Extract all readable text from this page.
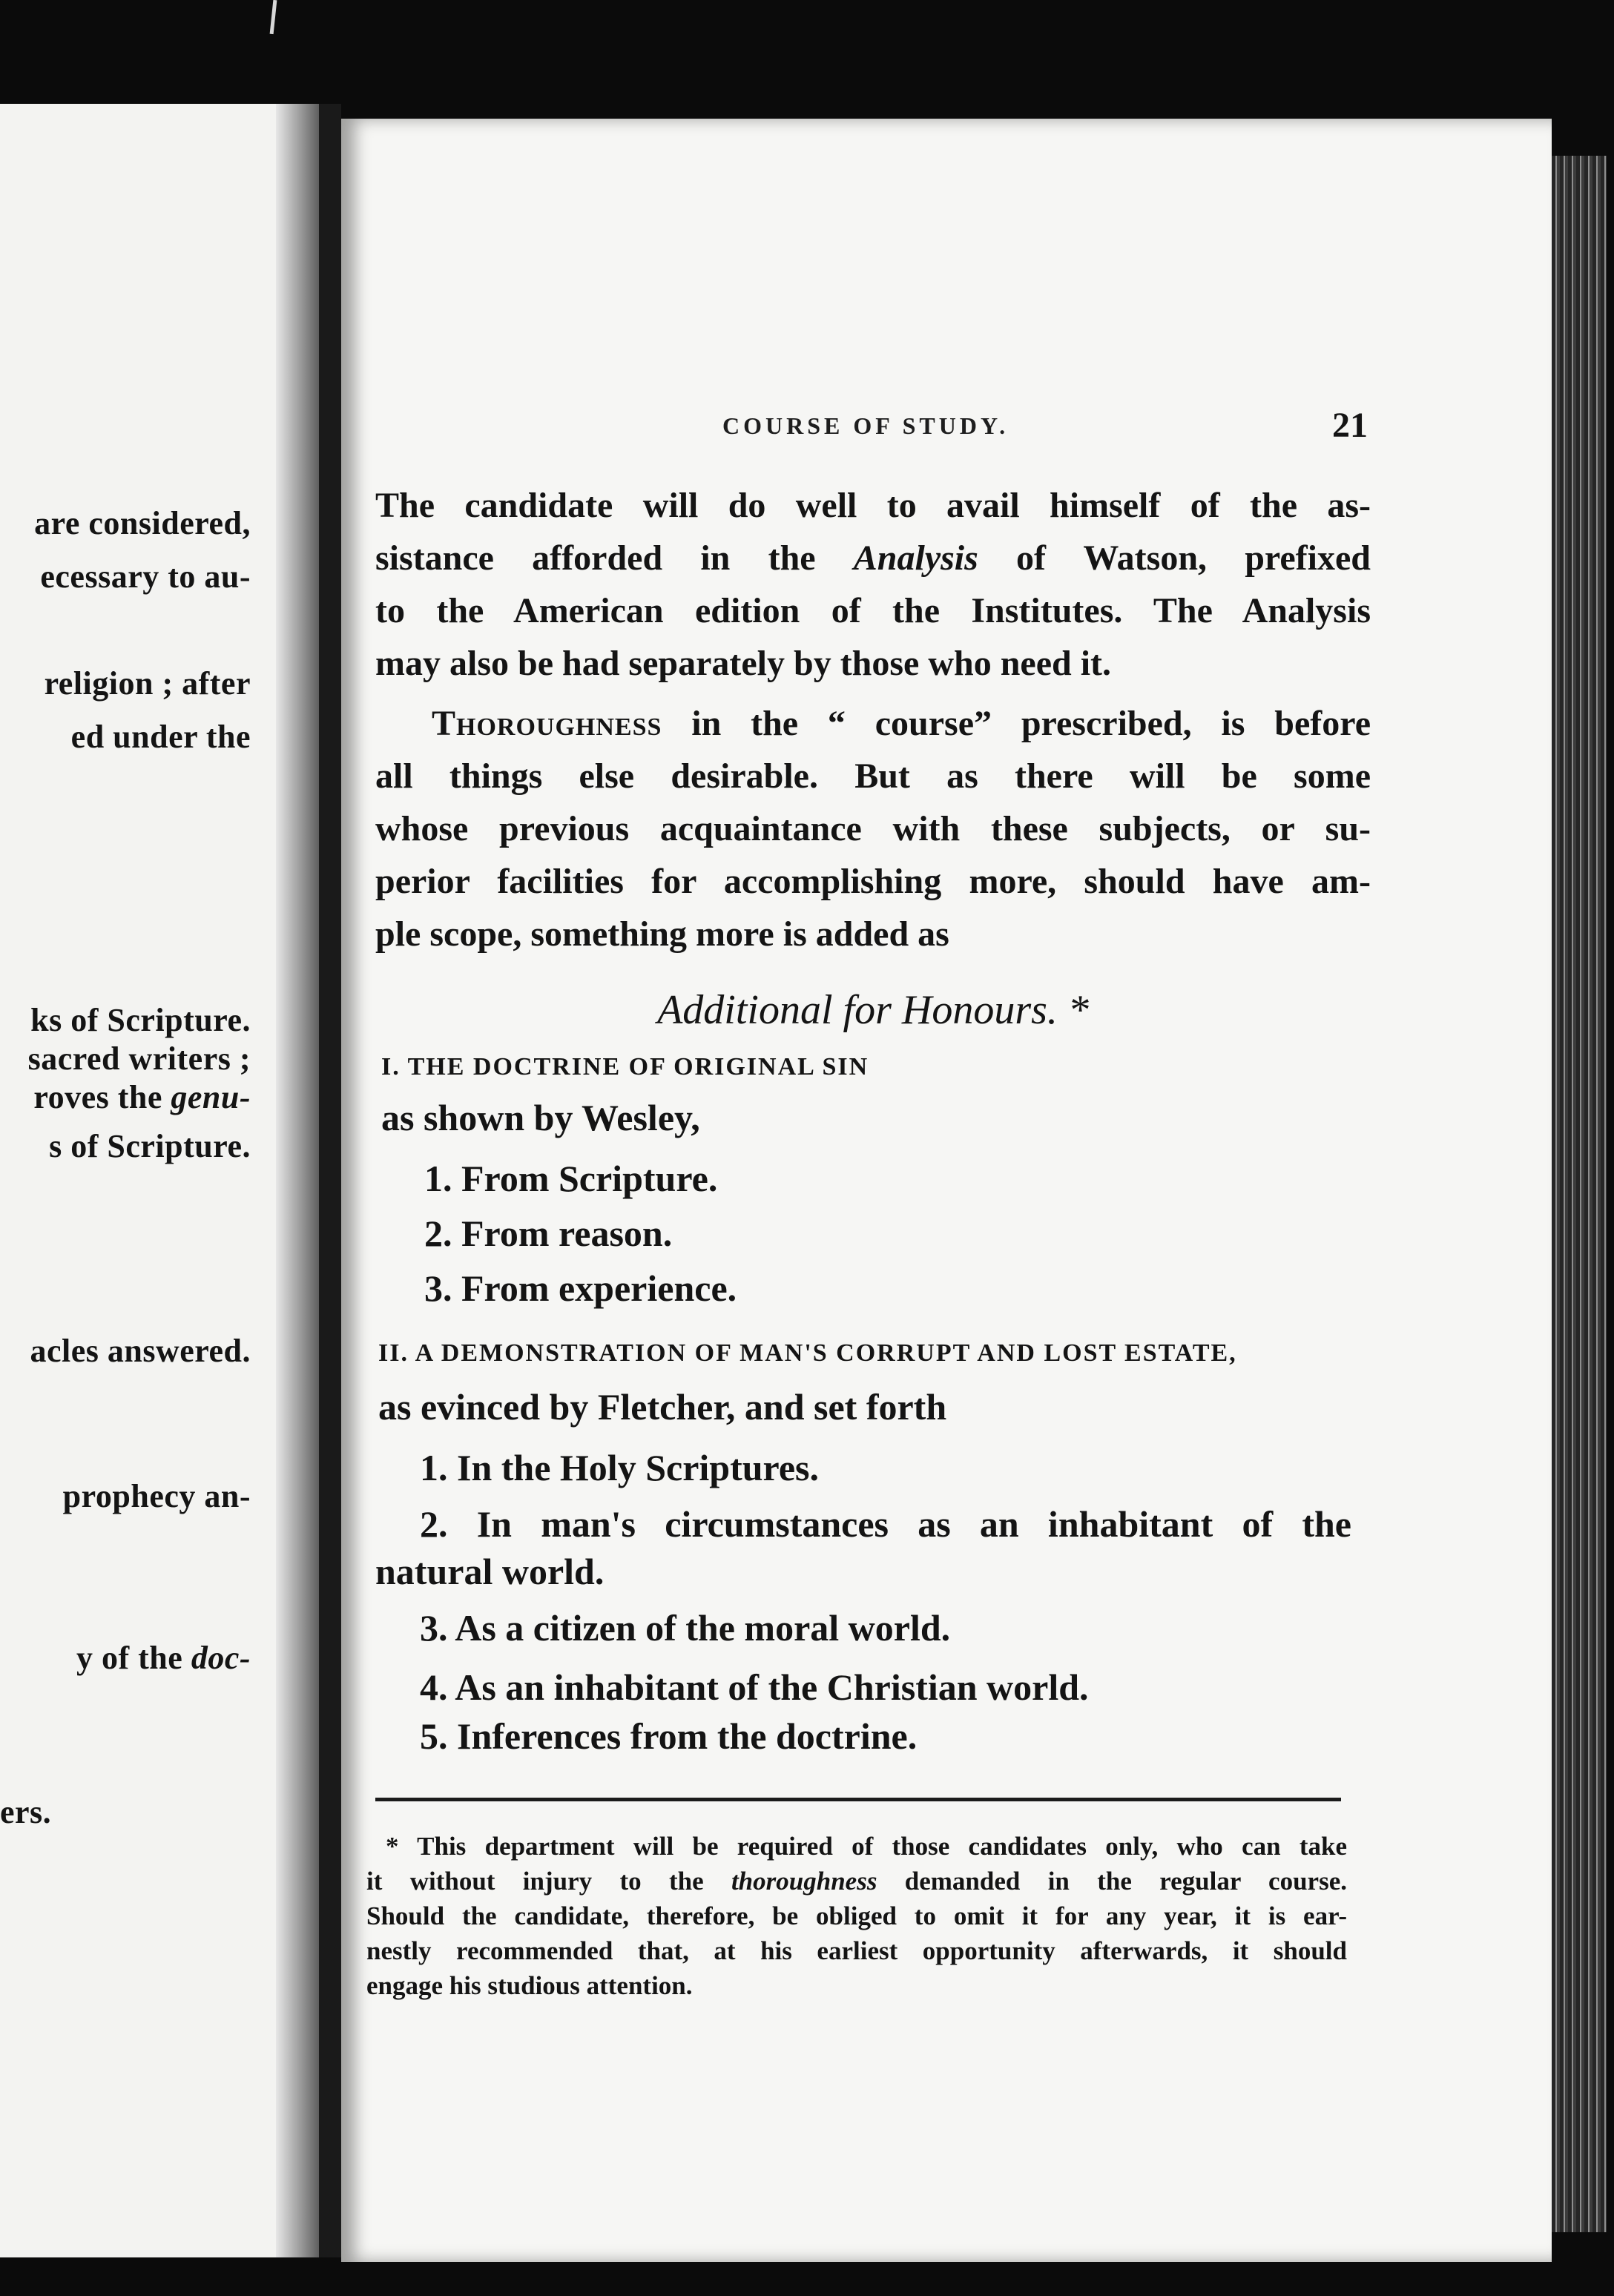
are considered,
ecessary to au-
religion ; after
ed under the
ks of Scripture.
sacred writers ;
roves the genu-
s of Scripture.
acles answered.
prophecy an-
y of the doc-
ers.
COURSE OF STUDY.	21
The candidate will do well to avail himself of the as-
sistance afforded in the Analysis of Watson, prefixed
to the American edition of the Institutes. The Analysis
may also be had separately by those who need it.
Thoroughness in the “ course” prescribed, is before
all things else desirable. But as there will be some
whose previous acquaintance with these subjects, or su-
perior facilities for accomplishing more, should have am-
ple scope, something more is added as
Additional for Honours. *
I. THE DOCTRINE OF ORIGINAL SIN
as shown by Wesley,
1. From Scripture.
2. From reason.
3. From experience.
II. A DEMONSTRATION OF MAN'S CORRUPT AND LOST ESTATE,
as evinced by Fletcher, and set forth
1. In the Holy Scriptures.
2. In man's circumstances as an inhabitant of the
natural world.
3. As a citizen of the moral world.
4. As an inhabitant of the Christian world.
5. Inferences from the doctrine.
* This department will be required of those candidates only, who can take
it without injury to the thoroughness demanded in the regular course.
Should the candidate, therefore, be obliged to omit it for any year, it is ear-
nestly recommended that, at his earliest opportunity afterwards, it should
engage his studious attention.
